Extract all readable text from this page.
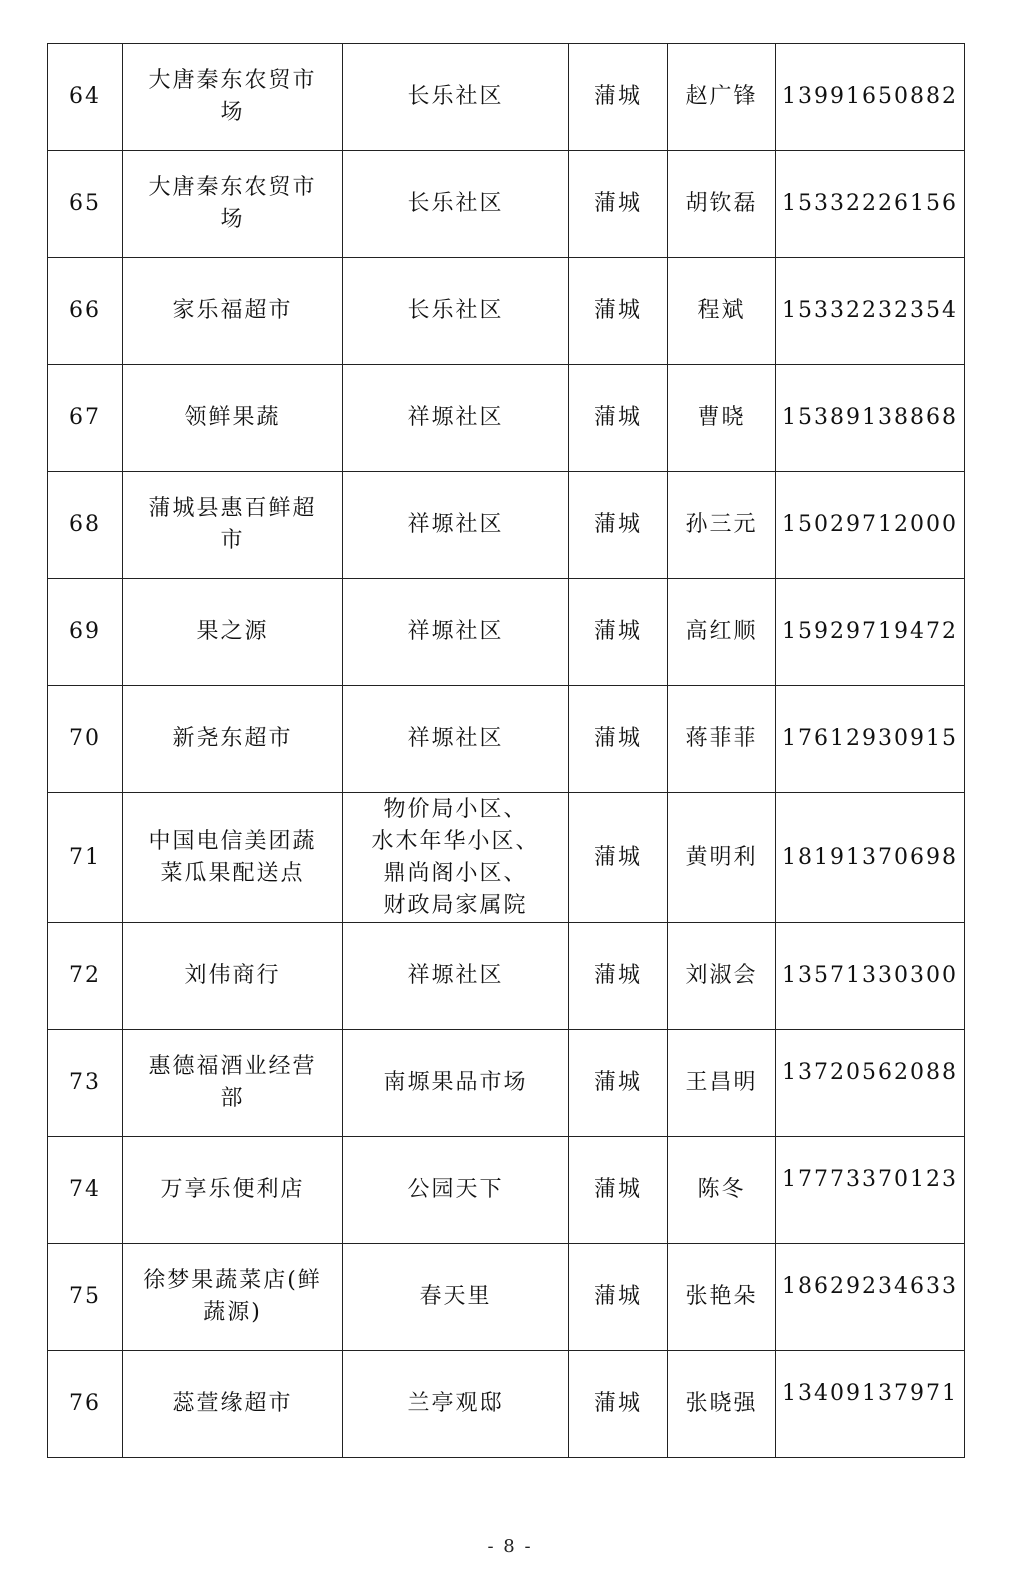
64	大唐秦东农贸市场	长乐社区	蒲城	赵广锋	13991650882
65	大唐秦东农贸市场	长乐社区	蒲城	胡钦磊	15332226156
66	家乐福超市	长乐社区	蒲城	程斌	15332232354
67	领鲜果蔬	祥塬社区	蒲城	曹晓	15389138868
68	蒲城县惠百鲜超市	祥塬社区	蒲城	孙三元	15029712000
69	果之源	祥塬社区	蒲城	高红顺	15929719472
70	新尧东超市	祥塬社区	蒲城	蒋菲菲	17612930915
71	中国电信美团蔬菜瓜果配送点	物价局小区、
水木年华小区、
鼎尚阁小区、
财政局家属院	蒲城	黄明利	18191370698
72	刘伟商行	祥塬社区	蒲城	刘淑会	13571330300
73	惠德福酒业经营部	南塬果品市场	蒲城	王昌明	13720562088
74	万享乐便利店	公园天下	蒲城	陈冬	17773370123
75	徐梦果蔬菜店(鲜蔬源)	春天里	蒲城	张艳朵	18629234633
76	蕊萱缘超市	兰亭观邸	蒲城	张晓强	13409137971
- 8 -
